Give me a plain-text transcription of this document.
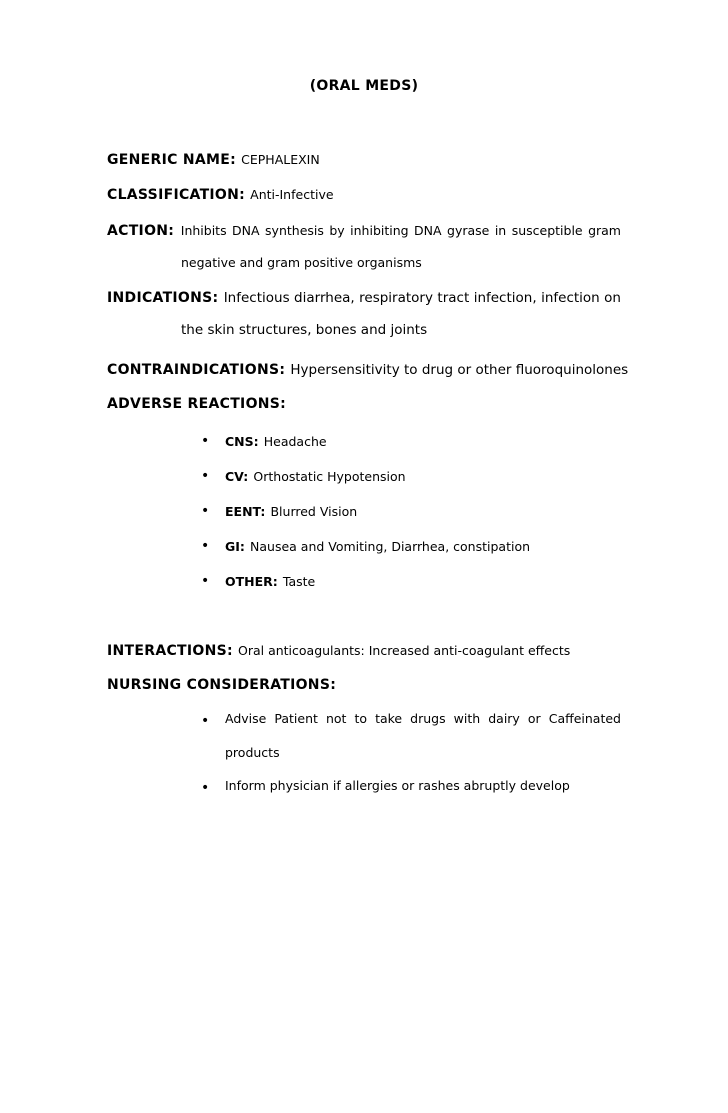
(ORAL MEDS)
GENERIC NAME: CEPHALEXIN
CLASSIFICATION: Anti-Infective
ACTION: Inhibits DNA synthesis by inhibiting DNA gyrase in susceptible gram
negative and gram positive organisms
INDICATIONS: Infectious diarrhea, respiratory tract infection, infection on
the skin structures, bones and joints
CONTRAINDICATIONS: Hypersensitivity to drug or other fluoroquinolones
ADVERSE REACTIONS:
• CNS: Headache
• CV: Orthostatic Hypotension
• EENT: Blurred Vision
• GI: Nausea and Vomiting, Diarrhea, constipation
• OTHER: Taste
INTERACTIONS: Oral anticoagulants: Increased anti-coagulant effects
NURSING CONSIDERATIONS:
• Advise Patient not to take drugs with dairy or Caffeinated
products
• Inform physician if allergies or rashes abruptly develop
